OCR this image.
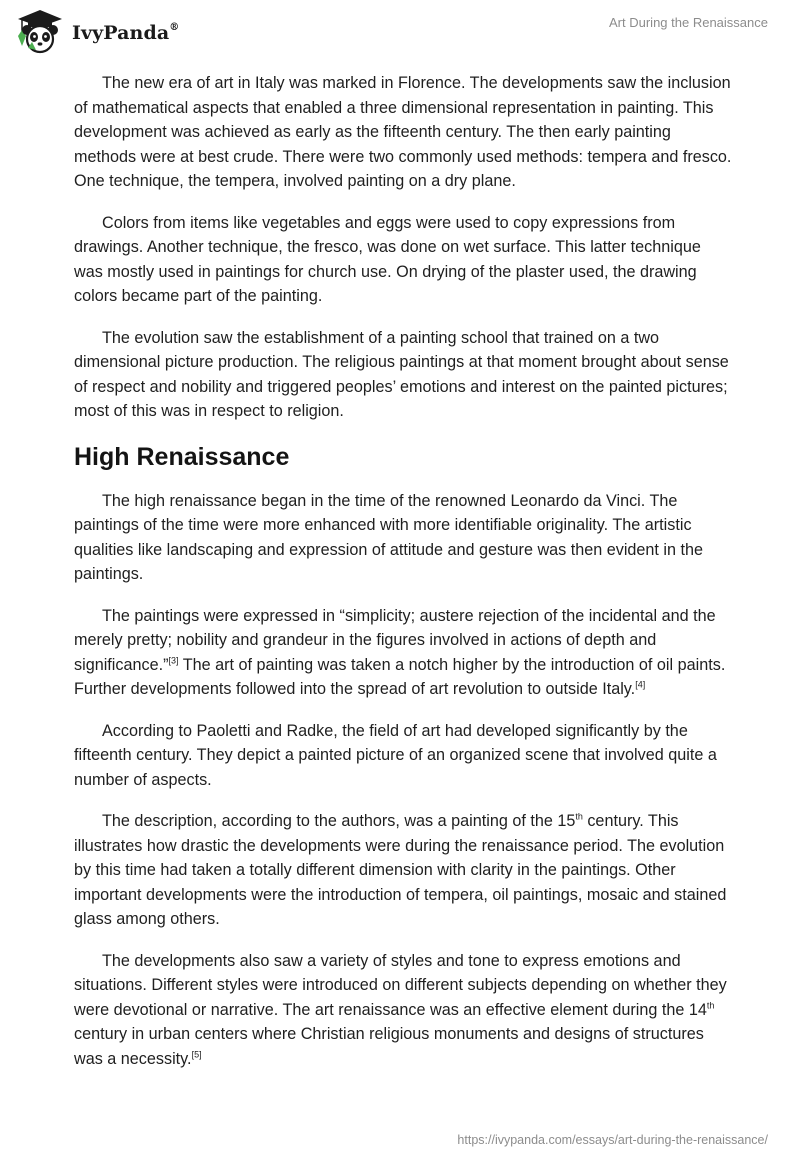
IvyPanda®	Art During the Renaissance

The new era of art in Italy was marked in Florence. The developments saw the inclusion of mathematical aspects that enabled a three dimensional representation in painting. This development was achieved as early as the fifteenth century. The then early painting methods were at best crude. There were two commonly used methods: tempera and fresco. One technique, the tempera, involved painting on a dry plane.

Colors from items like vegetables and eggs were used to copy expressions from drawings. Another technique, the fresco, was done on wet surface. This latter technique was mostly used in paintings for church use. On drying of the plaster used, the drawing colors became part of the painting.

The evolution saw the establishment of a painting school that trained on a two dimensional picture production. The religious paintings at that moment brought about sense of respect and nobility and triggered peoples’ emotions and interest on the painted pictures; most of this was in respect to religion.

High Renaissance

The high renaissance began in the time of the renowned Leonardo da Vinci. The paintings of the time were more enhanced with more identifiable originality. The artistic qualities like landscaping and expression of attitude and gesture was then evident in the paintings.

The paintings were expressed in “simplicity; austere rejection of the incidental and the merely pretty; nobility and grandeur in the figures involved in actions of depth and significance.”[3] The art of painting was taken a notch higher by the introduction of oil paints. Further developments followed into the spread of art revolution to outside Italy.[4]

According to Paoletti and Radke, the field of art had developed significantly by the fifteenth century. They depict a painted picture of an organized scene that involved quite a number of aspects.

The description, according to the authors, was a painting of the 15th century. This illustrates how drastic the developments were during the renaissance period. The evolution by this time had taken a totally different dimension with clarity in the paintings. Other important developments were the introduction of tempera, oil paintings, mosaic and stained glass among others.

The developments also saw a variety of styles and tone to express emotions and situations. Different styles were introduced on different subjects depending on whether they were devotional or narrative. The art renaissance was an effective element during the 14th century in urban centers where Christian religious monuments and designs of structures was a necessity.[5]

https://ivypanda.com/essays/art-during-the-renaissance/
